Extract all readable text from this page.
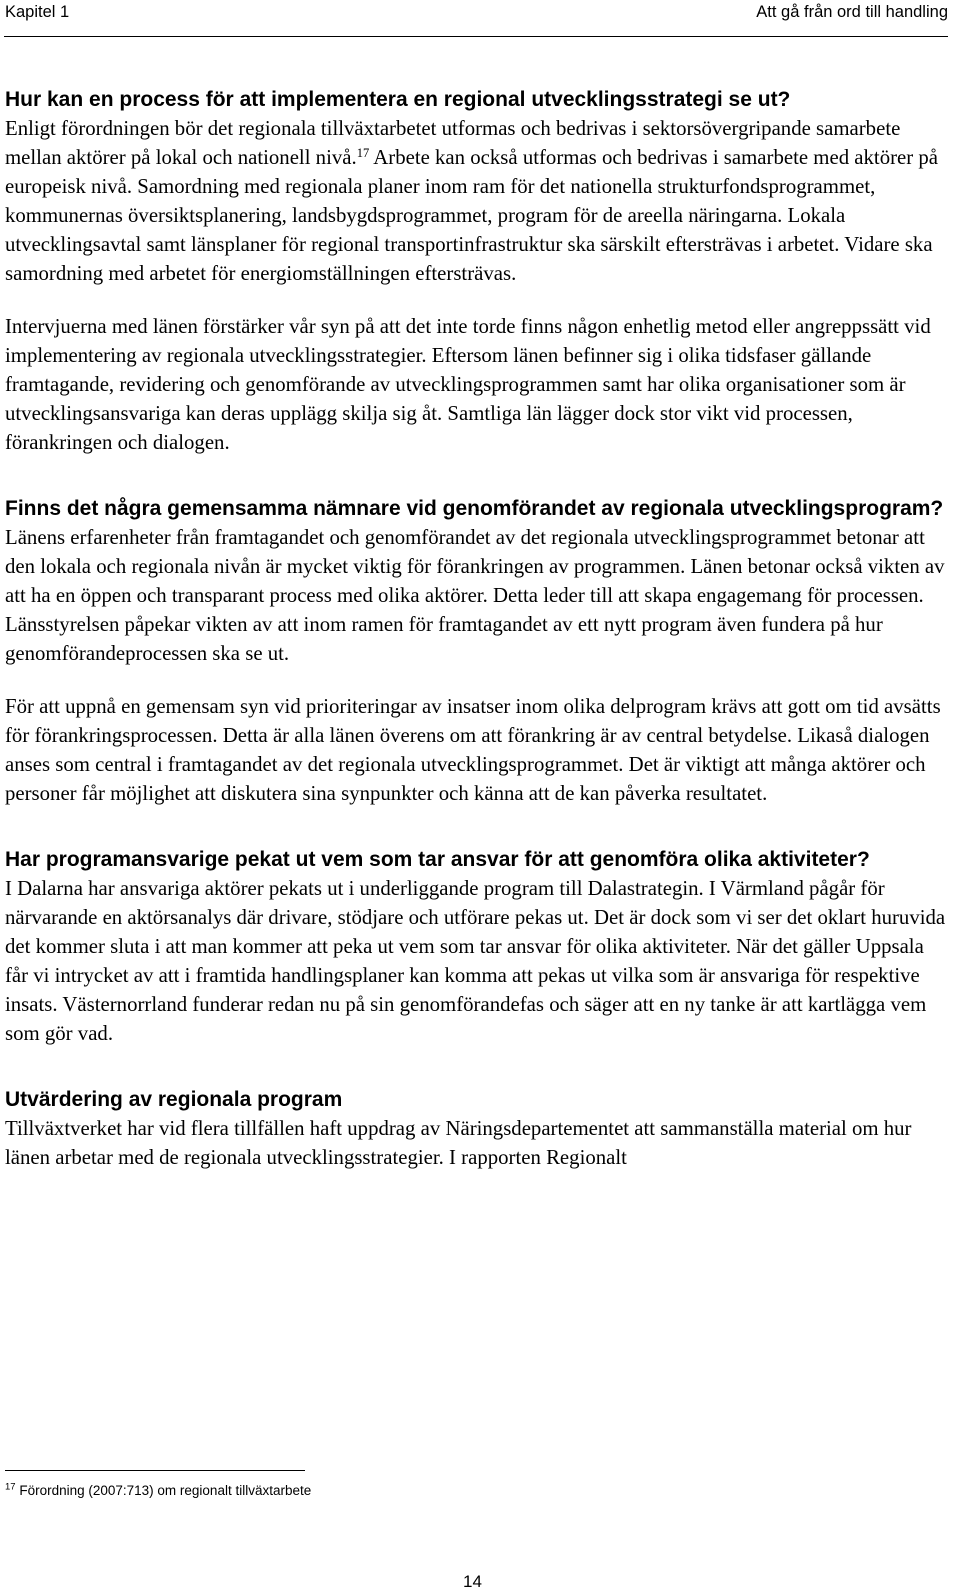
Kapitel 1	Att gå från ord till handling
Hur kan en process för att implementera en regional utvecklingsstrategi se ut?

Enligt förordningen bör det regionala tillväxtarbetet utformas och bedrivas i sektorsövergripande samarbete mellan aktörer på lokal och nationell nivå.$^{17}$ Arbete kan också utformas och bedrivas i samarbete med aktörer på europeisk nivå. Samordning med regionala planer inom ram för det nationella strukturfondsprogrammet, kommunernas översiktsplanering, landsbygdsprogrammet, program för de areella näringarna. Lokala utvecklingsavtal samt länsplaner för regional transportinfrastruktur ska särskilt eftersträvas i arbetet. Vidare ska samordning med arbetet för energiomställningen eftersträvas.

Intervjuerna med länen förstärker vår syn på att det inte torde finns någon enhetlig metod eller angreppssätt vid implementering av regionala utvecklingsstrategier. Eftersom länen befinner sig i olika tidsfaser gällande framtagande, revidering och genomförande av utvecklingsprogrammen samt har olika organisationer som är utvecklingsansvariga kan deras upplägg skilja sig åt. Samtliga län lägger dock stor vikt vid processen, förankringen och dialogen.

Finns det några gemensamma nämnare vid genomförandet av regionala utvecklingsprogram?

Länens erfarenheter från framtagandet och genomförandet av det regionala utvecklingsprogrammet betonar att den lokala och regionala nivån är mycket viktig för förankringen av programmen. Länen betonar också vikten av att ha en öppen och transparant process med olika aktörer. Detta leder till att skapa engagemang för processen. Länsstyrelsen påpekar vikten av att inom ramen för framtagandet av ett nytt program även fundera på hur genomförandeprocessen ska se ut.

För att uppnå en gemensam syn vid prioriteringar av insatser inom olika delprogram krävs att gott om tid avsätts för förankringsprocessen. Detta är alla länen överens om att förankring är av central betydelse. Likaså dialogen anses som central i framtagandet av det regionala utvecklingsprogrammet. Det är viktigt att många aktörer och personer får möjlighet att diskutera sina synpunkter och känna att de kan påverka resultatet.

Har programansvarige pekat ut vem som tar ansvar för att genomföra olika aktiviteter?

I Dalarna har ansvariga aktörer pekats ut i underliggande program till Dalastrategin. I Värmland pågår för närvarande en aktörsanalys där drivare, stödjare och utförare pekas ut. Det är dock som vi ser det oklart huruvida det kommer sluta i att man kommer att peka ut vem som tar ansvar för olika aktiviteter. När det gäller Uppsala får vi intrycket av att i framtida handlingsplaner kan komma att pekas ut vilka som är ansvariga för respektive insats. Västernorrland funderar redan nu på sin genomförandefas och säger att en ny tanke är att kartlägga vem som gör vad.

Utvärdering av regionala program

Tillväxtverket har vid flera tillfällen haft uppdrag av Näringsdepartementet att sammanställa material om hur länen arbetar med de regionala utvecklingsstrategier. I rapporten Regionalt

$^{17}$ Förordning (2007:713) om regionalt tillväxtarbete
14
